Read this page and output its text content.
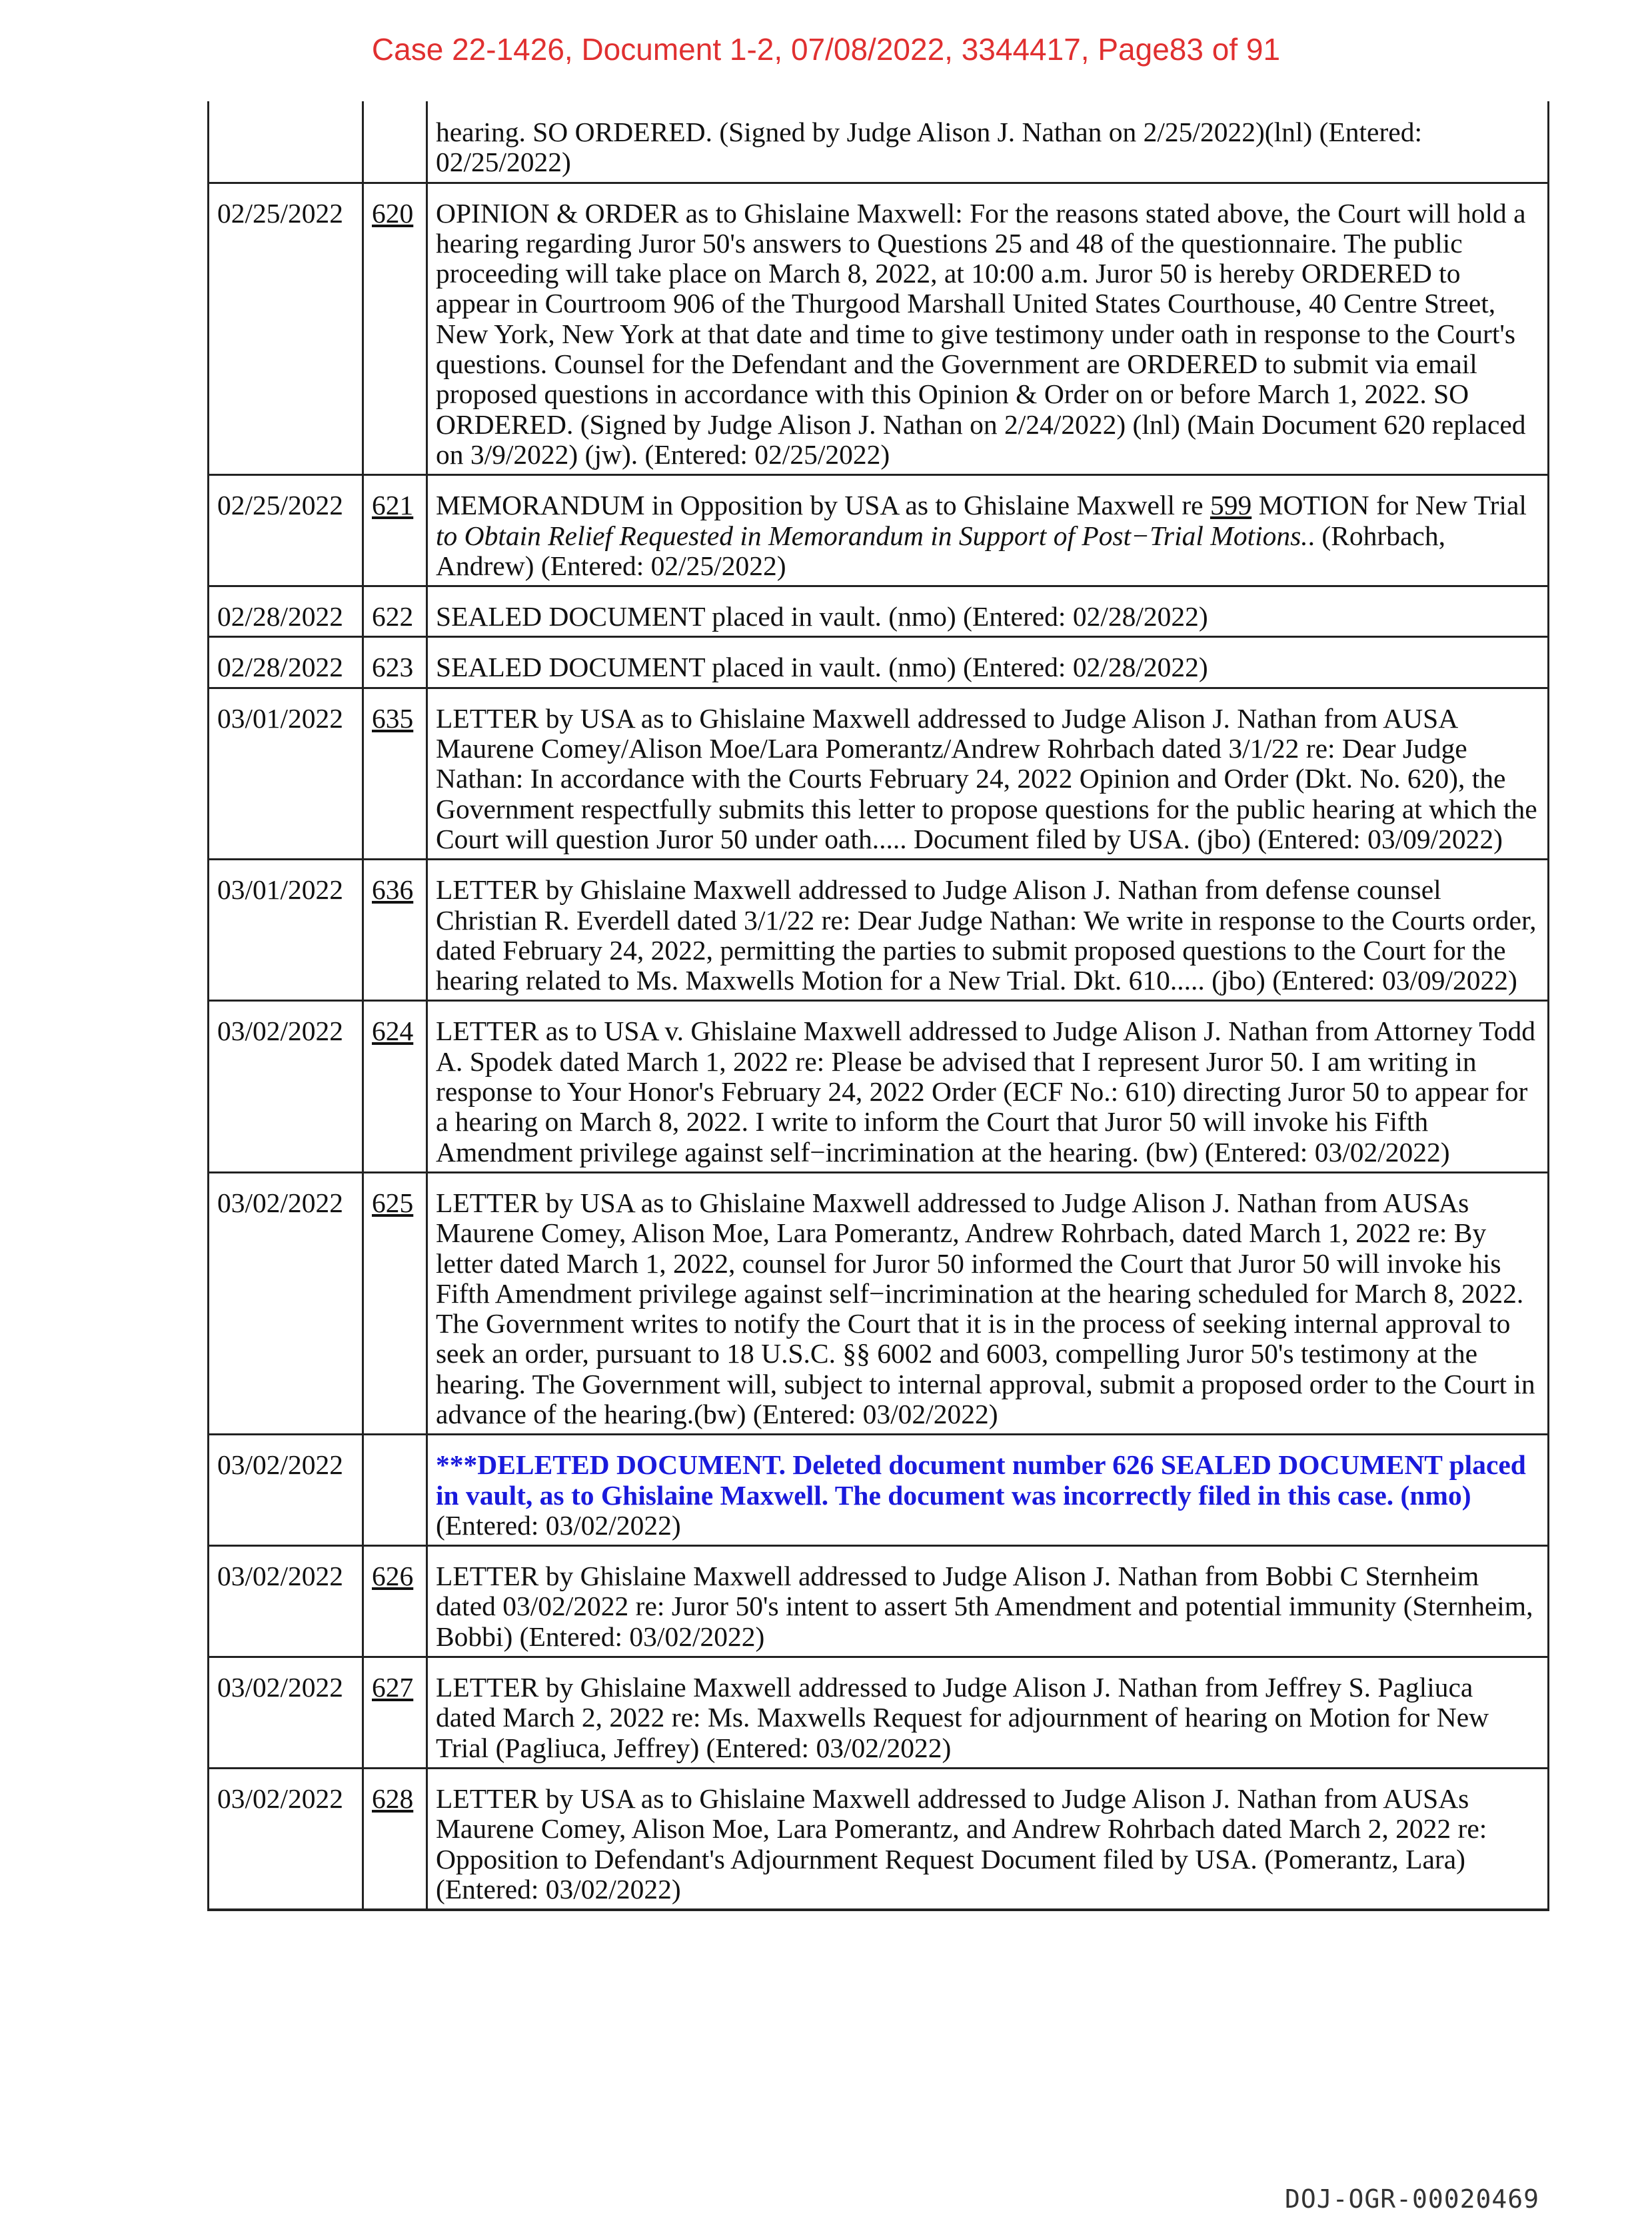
Case 22-1426, Document 1-2, 07/08/2022, 3344417, Page83 of 91
		hearing. SO ORDERED. (Signed by Judge Alison J. Nathan on 2/25/2022)(lnl) (Entered: 02/25/2022)
02/25/2022	620	OPINION & ORDER as to Ghislaine Maxwell: For the reasons stated above, the Court will hold a hearing regarding Juror 50's answers to Questions 25 and 48 of the questionnaire. The public proceeding will take place on March 8, 2022, at 10:00 a.m. Juror 50 is hereby ORDERED to appear in Courtroom 906 of the Thurgood Marshall United States Courthouse, 40 Centre Street, New York, New York at that date and time to give testimony under oath in response to the Court's questions. Counsel for the Defendant and the Government are ORDERED to submit via email proposed questions in accordance with this Opinion & Order on or before March 1, 2022. SO ORDERED. (Signed by Judge Alison J. Nathan on 2/24/2022) (lnl) (Main Document 620 replaced on 3/9/2022) (jw). (Entered: 02/25/2022)
02/25/2022	621	MEMORANDUM in Opposition by USA as to Ghislaine Maxwell re 599 MOTION for New Trial to Obtain Relief Requested in Memorandum in Support of Post−Trial Motions.. (Rohrbach, Andrew) (Entered: 02/25/2022)
02/28/2022	622	SEALED DOCUMENT placed in vault. (nmo) (Entered: 02/28/2022)
02/28/2022	623	SEALED DOCUMENT placed in vault. (nmo) (Entered: 02/28/2022)
03/01/2022	635	LETTER by USA as to Ghislaine Maxwell addressed to Judge Alison J. Nathan from AUSA Maurene Comey/Alison Moe/Lara Pomerantz/Andrew Rohrbach dated 3/1/22 re: Dear Judge Nathan: In accordance with the Courts February 24, 2022 Opinion and Order (Dkt. No. 620), the Government respectfully submits this letter to propose questions for the public hearing at which the Court will question Juror 50 under oath..... Document filed by USA. (jbo) (Entered: 03/09/2022)
03/01/2022	636	LETTER by Ghislaine Maxwell addressed to Judge Alison J. Nathan from defense counsel Christian R. Everdell dated 3/1/22 re: Dear Judge Nathan: We write in response to the Courts order, dated February 24, 2022, permitting the parties to submit proposed questions to the Court for the hearing related to Ms. Maxwells Motion for a New Trial. Dkt. 610..... (jbo) (Entered: 03/09/2022)
03/02/2022	624	LETTER as to USA v. Ghislaine Maxwell addressed to Judge Alison J. Nathan from Attorney Todd A. Spodek dated March 1, 2022 re: Please be advised that I represent Juror 50. I am writing in response to Your Honor's February 24, 2022 Order (ECF No.: 610) directing Juror 50 to appear for a hearing on March 8, 2022. I write to inform the Court that Juror 50 will invoke his Fifth Amendment privilege against self−incrimination at the hearing. (bw) (Entered: 03/02/2022)
03/02/2022	625	LETTER by USA as to Ghislaine Maxwell addressed to Judge Alison J. Nathan from AUSAs Maurene Comey, Alison Moe, Lara Pomerantz, Andrew Rohrbach, dated March 1, 2022 re: By letter dated March 1, 2022, counsel for Juror 50 informed the Court that Juror 50 will invoke his Fifth Amendment privilege against self−incrimination at the hearing scheduled for March 8, 2022. The Government writes to notify the Court that it is in the process of seeking internal approval to seek an order, pursuant to 18 U.S.C. §§ 6002 and 6003, compelling Juror 50's testimony at the hearing. The Government will, subject to internal approval, submit a proposed order to the Court in advance of the hearing.(bw) (Entered: 03/02/2022)
03/02/2022		***DELETED DOCUMENT. Deleted document number 626 SEALED DOCUMENT placed in vault, as to Ghislaine Maxwell. The document was incorrectly filed in this case. (nmo) (Entered: 03/02/2022)
03/02/2022	626	LETTER by Ghislaine Maxwell addressed to Judge Alison J. Nathan from Bobbi C Sternheim dated 03/02/2022 re: Juror 50's intent to assert 5th Amendment and potential immunity (Sternheim, Bobbi) (Entered: 03/02/2022)
03/02/2022	627	LETTER by Ghislaine Maxwell addressed to Judge Alison J. Nathan from Jeffrey S. Pagliuca dated March 2, 2022 re: Ms. Maxwells Request for adjournment of hearing on Motion for New Trial (Pagliuca, Jeffrey) (Entered: 03/02/2022)
03/02/2022	628	LETTER by USA as to Ghislaine Maxwell addressed to Judge Alison J. Nathan from AUSAs Maurene Comey, Alison Moe, Lara Pomerantz, and Andrew Rohrbach dated March 2, 2022 re: Opposition to Defendant's Adjournment Request Document filed by USA. (Pomerantz, Lara) (Entered: 03/02/2022)
DOJ-OGR-00020469
